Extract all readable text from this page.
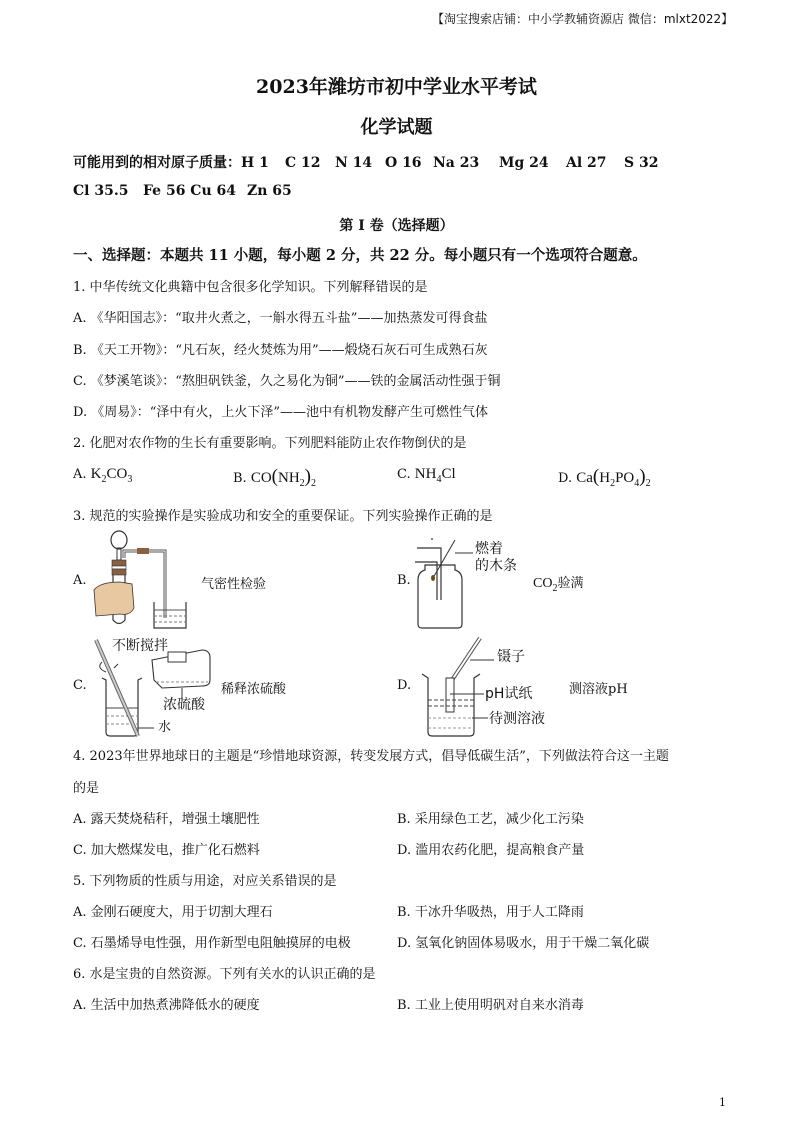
【淘宝搜索店铺：中小学教辅资源店 微信：mlxt2022】
2023年潍坊市初中学业水平考试
化学试题
可能用到的相对原子质量：H 1 C 12 N 14 O 16 Na 23 Mg 24 Al 27 S 32
Cl 35.5 Fe 56 Cu 64 Zn 65
第 I 卷（选择题）
一、选择题：本题共 11 小题，每小题 2 分，共 22 分。每小题只有一个选项符合题意。
1. 中华传统文化典籍中包含很多化学知识。下列解释错误的是
A. 《华阳国志》：“取井火煮之，一斛水得五斗盐”——加热蒸发可得食盐
B. 《天工开物》：“凡石灰，经火焚炼为用”——煅烧石灰石可生成熟石灰
C. 《梦溪笔谈》：“熬胆矾铁釜，久之易化为铜”——铁的金属活动性强于铜
D. 《周易》：“泽中有火，上火下泽”——池中有机物发酵产生可燃性气体
2. 化肥对农作物的生长有重要影响。下列肥料能防止农作物倒伏的是
A. $K_2CO_3$	B. $CO(NH_2)_2$
C. $NH_4Cl$	D. $Ca(H_2PO_4)_2$
3. 规范的实验操作是实验成功和安全的重要保证。下列实验操作正确的是
A.	气密性检验	B.
燃着
的木条
$CO_2$验满
C.
不断搅拌
浓硫酸
水
稀释浓硫酸	D.
镊子
pH试纸
待测溶液
测溶液pH
4. 2023年世界地球日的主题是“珍惜地球资源，转变发展方式，倡导低碳生活”，下列做法符合这一主题
的是
A. 露天焚烧秸秆，增强土壤肥性	B. 采用绿色工艺，减少化工污染
C. 加大燃煤发电，推广化石燃料	D. 滥用农药化肥，提高粮食产量
5. 下列物质的性质与用途，对应关系错误的是
A. 金刚石硬度大，用于切割大理石	B. 干冰升华吸热，用于人工降雨
C. 石墨烯导电性强，用作新型电阻触摸屏的电极	D. 氢氧化钠固体易吸水，用于干燥二氧化碳
6. 水是宝贵的自然资源。下列有关水的认识正确的是
A. 生活中加热煮沸降低水的硬度	B. 工业上使用明矾对自来水消毒
1
